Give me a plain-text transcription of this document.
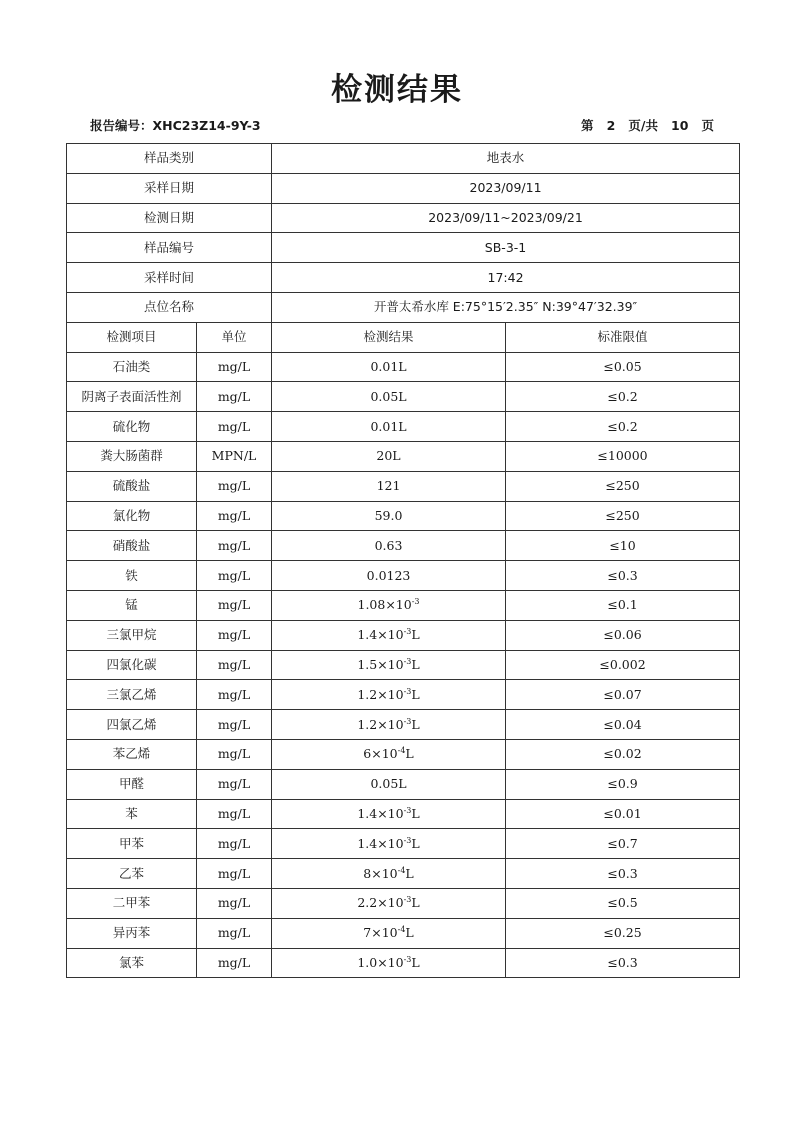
检测结果
报告编号：XHC23Z14-9Y-3	第 2 页/共 10 页
样品类别		地表水	
采样日期		2023/09/11	
检测日期		2023/09/11~2023/09/21	
样品编号		SB-3-1	
采样时间		17:42	
点位名称		开普太希水库 E:75°15′2.35″ N:39°47′32.39″	
检测项目	单位	检测结果	标准限值
石油类	mg/L	0.01L	≤0.05
阴离子表面活性剂	mg/L	0.05L	≤0.2
硫化物	mg/L	0.01L	≤0.2
粪大肠菌群	MPN/L	20L	≤10000
硫酸盐	mg/L	121	≤250
氯化物	mg/L	59.0	≤250
硝酸盐	mg/L	0.63	≤10
铁	mg/L	0.0123	≤0.3
锰	mg/L	$1.08\times 10^{-3}$	≤0.1
三氯甲烷	mg/L	$1.4\times 10^{-3}L$	≤0.06
四氯化碳	mg/L	$1.5\times 10^{-3}L$	≤0.002
三氯乙烯	mg/L	$1.2\times 10^{-3}L$	≤0.07
四氯乙烯	mg/L	$1.2\times 10^{-3}L$	≤0.04
苯乙烯	mg/L	$6\times 10^{-4}L$	≤0.02
甲醛	mg/L	0.05L	≤0.9
苯	mg/L	$1.4\times 10^{-3}L$	≤0.01
甲苯	mg/L	$1.4\times 10^{-3}L$	≤0.7
乙苯	mg/L	$8\times 10^{-4}L$	≤0.3
二甲苯	mg/L	$2.2\times 10^{-3}L$	≤0.5
异丙苯	mg/L	$7\times 10^{-4}L$	≤0.25
氯苯	mg/L	$1.0\times 10^{-3}L$	≤0.3
